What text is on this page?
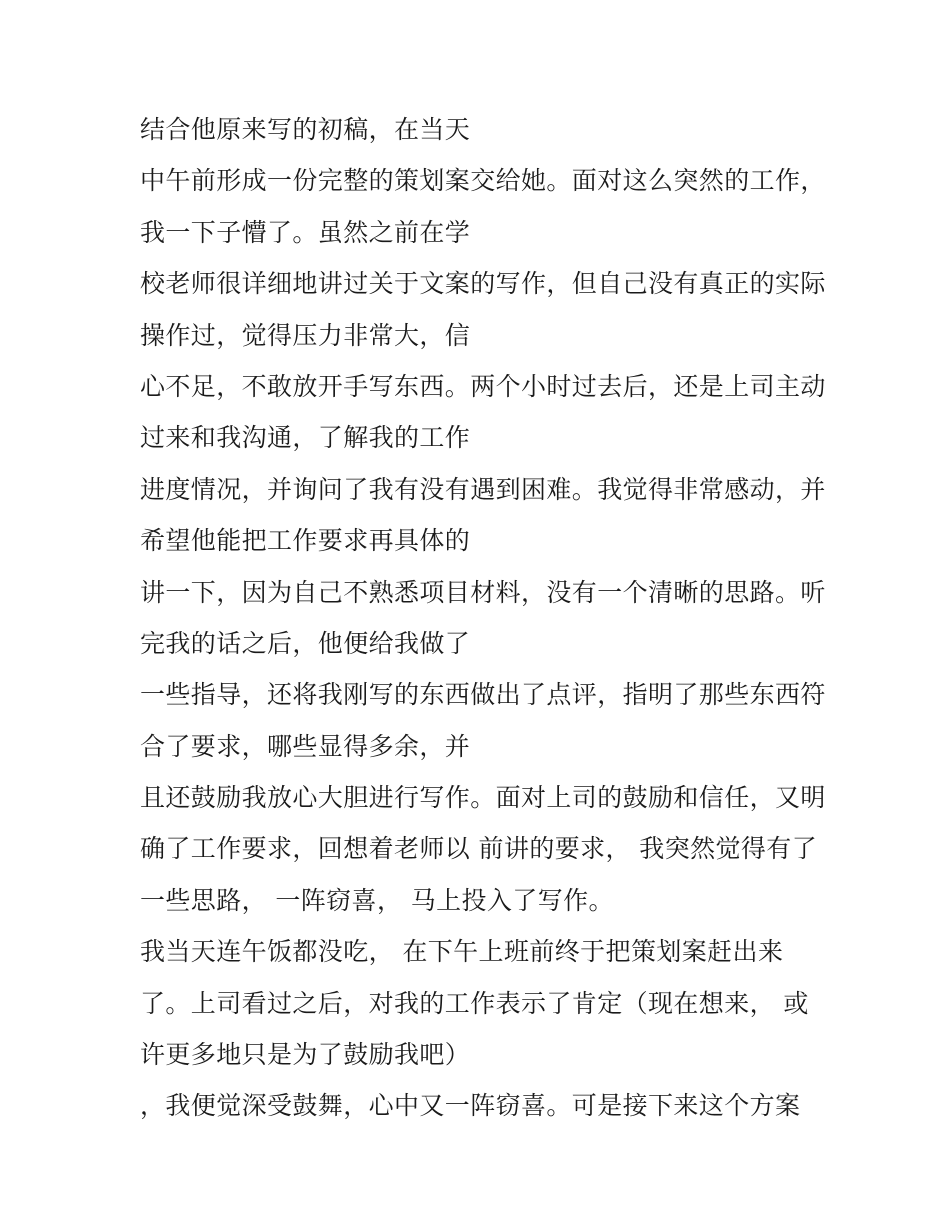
结合他原来写的初稿，在当天
中午前形成一份完整的策划案交给她。面对这么突然的工作，
我一下子懵了。虽然之前在学
校老师很详细地讲过关于文案的写作，但自己没有真正的实际
操作过，觉得压力非常大，信
心不足，不敢放开手写东西。两个小时过去后，还是上司主动
过来和我沟通，了解我的工作
进度情况，并询问了我有没有遇到困难。我觉得非常感动，并
希望他能把工作要求再具体的
讲一下，因为自己不熟悉项目材料，没有一个清晰的思路。听
完我的话之后，他便给我做了
一些指导，还将我刚写的东西做出了点评，指明了那些东西符
合了要求，哪些显得多余，并
且还鼓励我放心大胆进行写作。面对上司的鼓励和信任，又明
确了工作要求，回想着老师以 前讲的要求， 我突然觉得有了
一些思路， 一阵窃喜， 马上投入了写作。
我当天连午饭都没吃， 在下午上班前终于把策划案赶出来
了。上司看过之后，对我的工作表示了肯定（现在想来， 或
许更多地只是为了鼓励我吧）
，我便觉深受鼓舞，心中又一阵窃喜。可是接下来这个方案
